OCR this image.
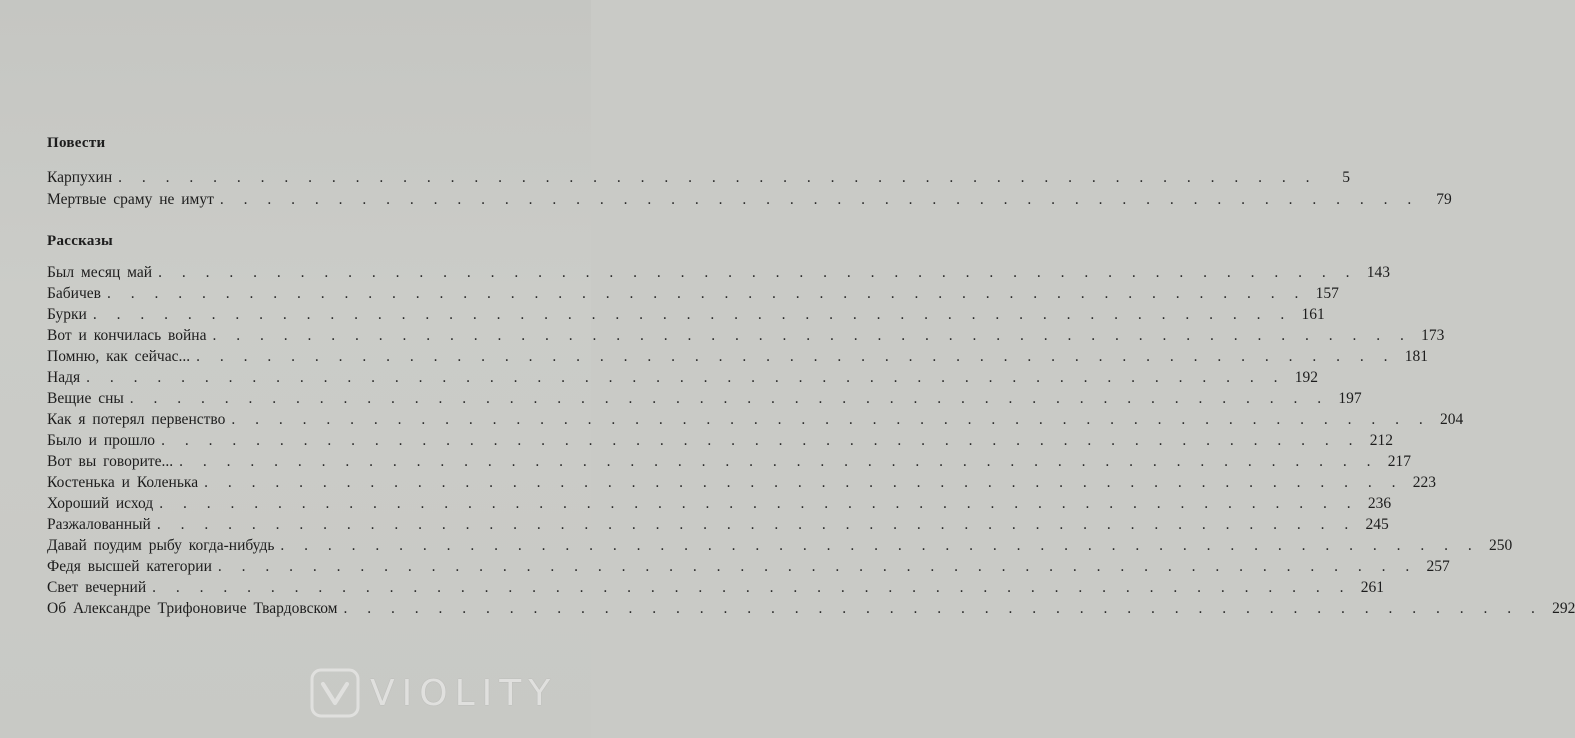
Повести
Карпухин . . . . . . . . . . . . . . . . . . . . . . . . . . . . . . . . . . . . . . . . . . . . . . . . . . .	5
Мертвые сраму не имут . . . . . . . . . . . . . . . . . . . . . . . . . . . . . . . . . . . . . . . . . . . . . . . . . . .	79
Рассказы
Был месяц май . . . . . . . . . . . . . . . . . . . . . . . . . . . . . . . . . . . . . . . . . . . . . . . . . . . 143
Бабичев . . . . . . . . . . . . . . . . . . . . . . . . . . . . . . . . . . . . . . . . . . . . . . . . . . . 157
Бурки . . . . . . . . . . . . . . . . . . . . . . . . . . . . . . . . . . . . . . . . . . . . . . . . . . . 161
Вот и кончилась война . . . . . . . . . . . . . . . . . . . . . . . . . . . . . . . . . . . . . . . . . . . . . . . . . . . 173
Помню, как сейчас... . . . . . . . . . . . . . . . . . . . . . . . . . . . . . . . . . . . . . . . . . . . . . . . . . . . 181
Надя . . . . . . . . . . . . . . . . . . . . . . . . . . . . . . . . . . . . . . . . . . . . . . . . . . . 192
Вещие сны . . . . . . . . . . . . . . . . . . . . . . . . . . . . . . . . . . . . . . . . . . . . . . . . . . . 197
Как я потерял первенство . . . . . . . . . . . . . . . . . . . . . . . . . . . . . . . . . . . . . . . . . . . . . . . . . . . 204
Было и прошло . . . . . . . . . . . . . . . . . . . . . . . . . . . . . . . . . . . . . . . . . . . . . . . . . . . 212
Вот вы говорите... . . . . . . . . . . . . . . . . . . . . . . . . . . . . . . . . . . . . . . . . . . . . . . . . . . . 217
Костенька и Коленька . . . . . . . . . . . . . . . . . . . . . . . . . . . . . . . . . . . . . . . . . . . . . . . . . . . 223
Хороший исход . . . . . . . . . . . . . . . . . . . . . . . . . . . . . . . . . . . . . . . . . . . . . . . . . . . 236
Разжалованный . . . . . . . . . . . . . . . . . . . . . . . . . . . . . . . . . . . . . . . . . . . . . . . . . . . 245
Давай поудим рыбу когда-нибудь . . . . . . . . . . . . . . . . . . . . . . . . . . . . . . . . . . . . . . . . . . . . . . . . . . . 250
Федя высшей категории . . . . . . . . . . . . . . . . . . . . . . . . . . . . . . . . . . . . . . . . . . . . . . . . . . . 257
Свет вечерний . . . . . . . . . . . . . . . . . . . . . . . . . . . . . . . . . . . . . . . . . . . . . . . . . . . 261
Об Александре Трифоновиче Твардовском . . . . . . . . . . . . . . . . . . . . . . . . . . . . . . . . . . . . . . . . . . . . . . . . . . . 292
VIOLITY
